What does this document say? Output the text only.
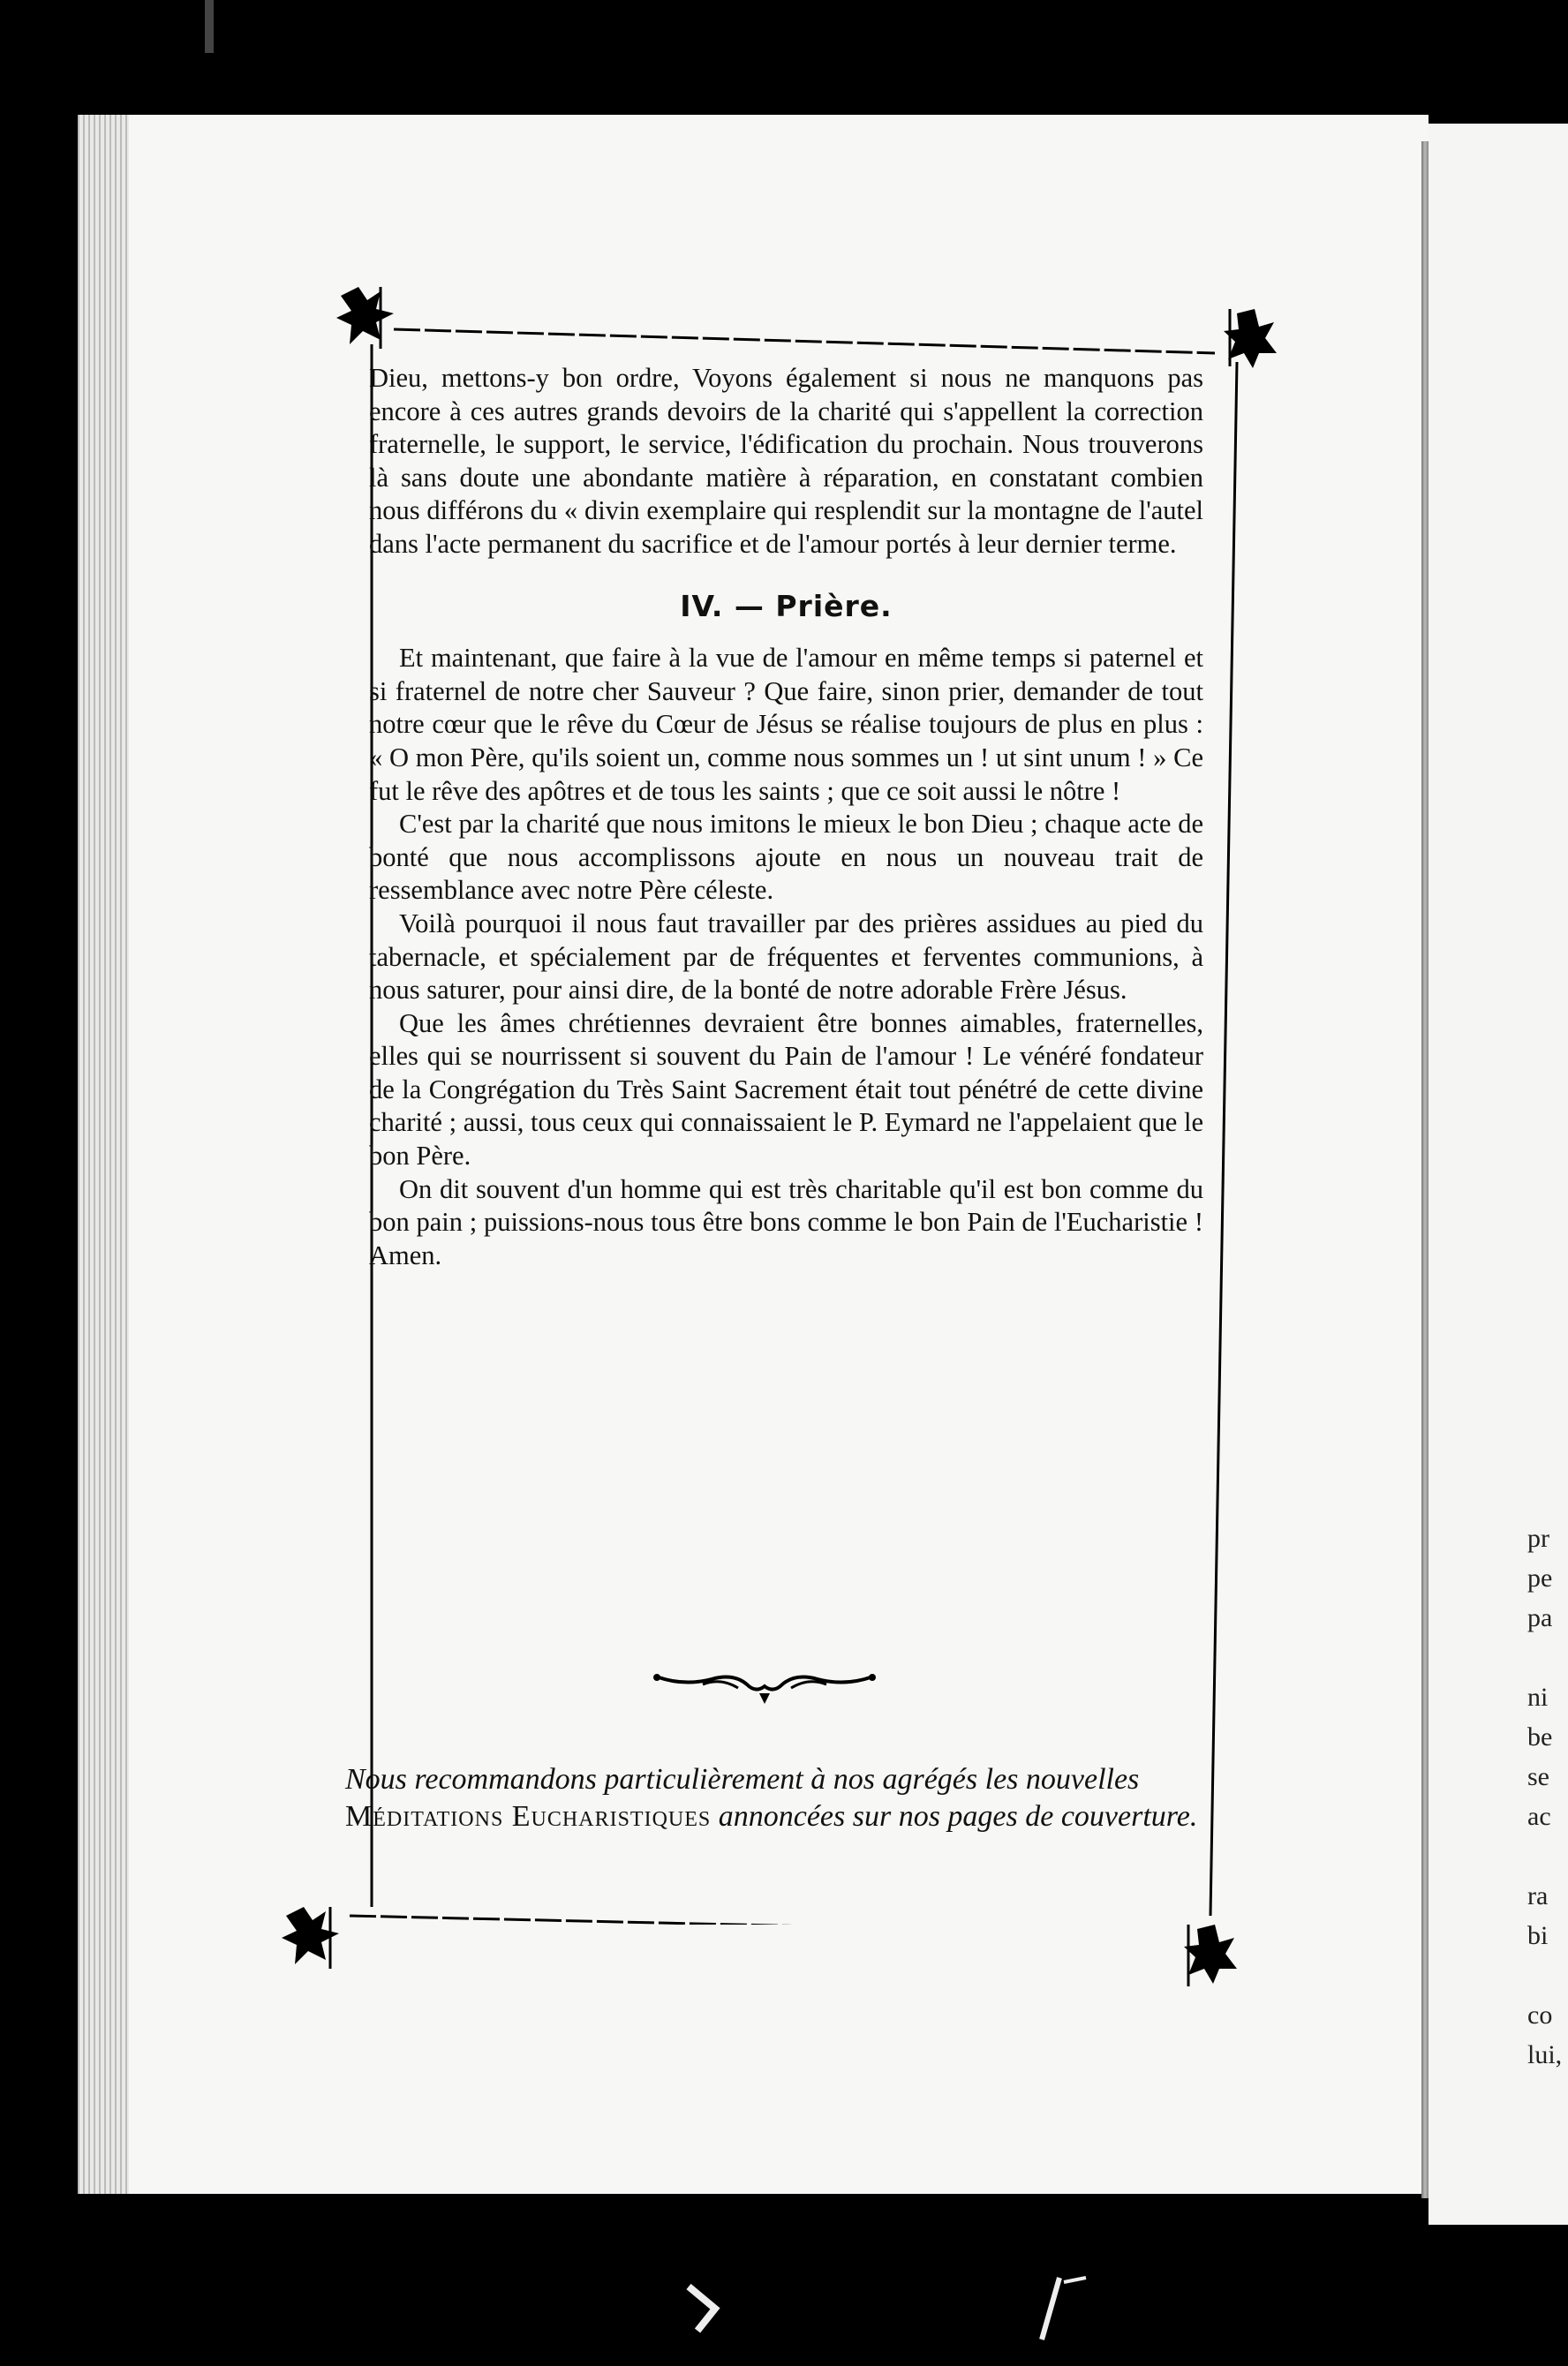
Dieu, mettons-y bon ordre, Voyons également si nous ne manquons pas encore à ces autres grands devoirs de la charité qui s'appellent la correction fraternelle, le support, le service, l'édification du prochain. Nous trouverons là sans doute une abondante matière à réparation, en constatant combien nous différons du « divin exemplaire qui resplendit sur la montagne de l'autel dans l'acte permanent du sacrifice et de l'amour portés à leur dernier terme.

IV. — Prière.

Et maintenant, que faire à la vue de l'amour en même temps si paternel et si fraternel de notre cher Sauveur ? Que faire, sinon prier, demander de tout notre cœur que le rêve du Cœur de Jésus se réalise toujours de plus en plus : « O mon Père, qu'ils soient un, comme nous sommes un ! ut sint unum ! » Ce fut le rêve des apôtres et de tous les saints ; que ce soit aussi le nôtre !

C'est par la charité que nous imitons le mieux le bon Dieu ; chaque acte de bonté que nous accomplissons ajoute en nous un nouveau trait de ressemblance avec notre Père céleste.

Voilà pourquoi il nous faut travailler par des prières assidues au pied du tabernacle, et spécialement par de fréquentes et ferventes communions, à nous saturer, pour ainsi dire, de la bonté de notre adorable Frère Jésus.

Que les âmes chrétiennes devraient être bonnes aimables, fraternelles, elles qui se nourrissent si souvent du Pain de l'amour ! Le vénéré fondateur de la Congrégation du Très Saint Sacrement était tout pénétré de cette divine charité ; aussi, tous ceux qui connaissaient le P. Eymard ne l'appelaient que le bon Père.

On dit souvent d'un homme qui est très charitable qu'il est bon comme du bon pain ; puissions-nous tous être bons comme le bon Pain de l'Eucharistie ! Amen.

Nous recommandons particulièrement à nos agrégés les nouvelles Méditations Eucharistiques annoncées sur nos pages de couverture.
pr
pe
pa
ni
be
se
ac
ra
bi
co
lui,
